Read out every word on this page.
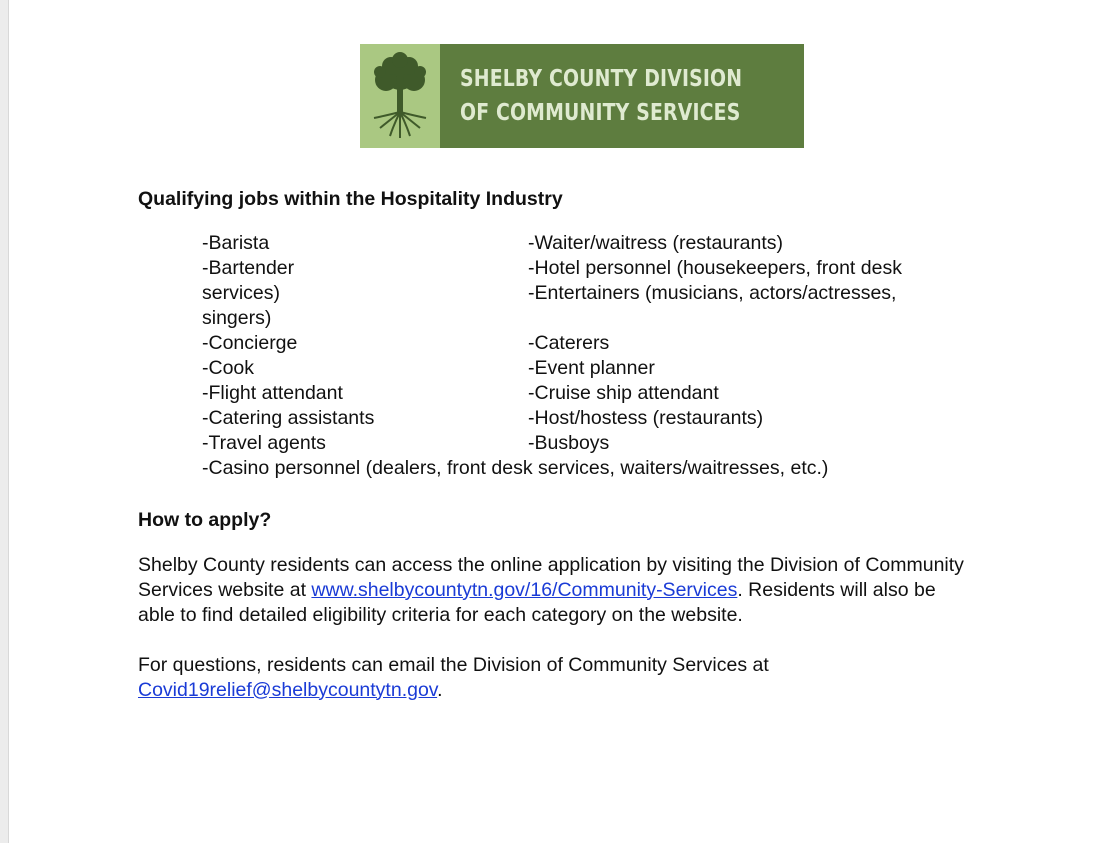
SHELBY COUNTY DIVISION
OF COMMUNITY SERVICES

Qualifying jobs within the Hospitality Industry

-Barista	-Waiter/waitress (restaurants)
-Bartender	-Hotel personnel (housekeepers, front desk
services)	-Entertainers (musicians, actors/actresses,
singers)
-Concierge	-Caterers
-Cook	-Event planner
-Flight attendant	-Cruise ship attendant
-Catering assistants	-Host/hostess (restaurants)
-Travel agents	-Busboys
-Casino personnel (dealers, front desk services, waiters/waitresses, etc.)

How to apply?

Shelby County residents can access the online application by visiting the Division of Community Services website at www.shelbycountytn.gov/16/Community-Services. Residents will also be able to find detailed eligibility criteria for each category on the website.

For questions, residents can email the Division of Community Services at Covid19relief@shelbycountytn.gov.
